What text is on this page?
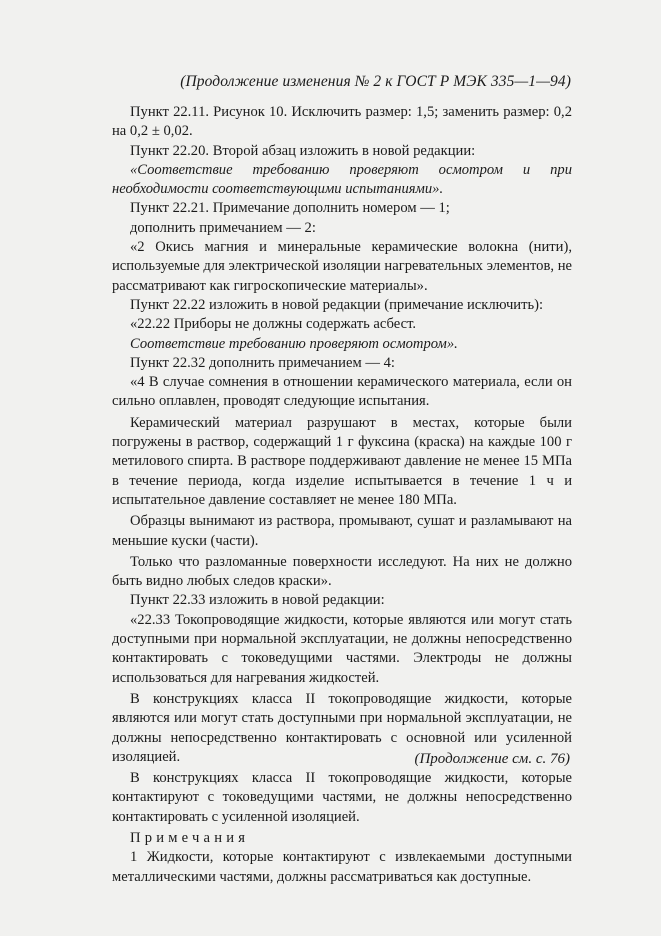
(Продолжение изменения № 2 к ГОСТ Р МЭК 335—1—94)

Пункт 22.11. Рисунок 10. Исключить размер: 1,5; заменить размер: 0,2 на 0,2 ± 0,02.

Пункт 22.20. Второй абзац изложить в новой редакции:

«Соответствие требованию проверяют осмотром и при необходимости соответствующими испытаниями».

Пункт 22.21. Примечание дополнить номером — 1;

дополнить примечанием — 2:

«2 Окись магния и минеральные керамические волокна (нити), используемые для электрической изоляции нагревательных элементов, не рассматривают как гигроскопические материалы».

Пункт 22.22 изложить в новой редакции (примечание исключить):

«22.22 Приборы не должны содержать асбест.

Соответствие требованию проверяют осмотром».

Пункт 22.32 дополнить примечанием — 4:

«4 В случае сомнения в отношении керамического материала, если он сильно оплавлен, проводят следующие испытания.

Керамический материал разрушают в местах, которые были погружены в раствор, содержащий 1 г фуксина (краска) на каждые 100 г метилового спирта. В растворе поддерживают давление не менее 15 МПа в течение периода, когда изделие испытывается в течение 1 ч и испытательное давление составляет не менее 180 МПа.

Образцы вынимают из раствора, промывают, сушат и разламывают на меньшие куски (части).

Только что разломанные поверхности исследуют. На них не должно быть видно любых следов краски».

Пункт 22.33 изложить в новой редакции:

«22.33 Токопроводящие жидкости, которые являются или могут стать доступными при нормальной эксплуатации, не должны непосредственно контактировать с токоведущими частями. Электроды не должны использоваться для нагревания жидкостей.

В конструкциях класса II токопроводящие жидкости, которые являются или могут стать доступными при нормальной эксплуатации, не должны непосредственно контактировать с основной или усиленной изоляцией.

В конструкциях класса II токопроводящие жидкости, которые контактируют с токоведущими частями, не должны непосредственно контактировать с усиленной изоляцией.

Примечания

1 Жидкости, которые контактируют с извлекаемыми доступными металлическими частями, должны рассматриваться как доступные.

(Продолжение см. с. 76)
